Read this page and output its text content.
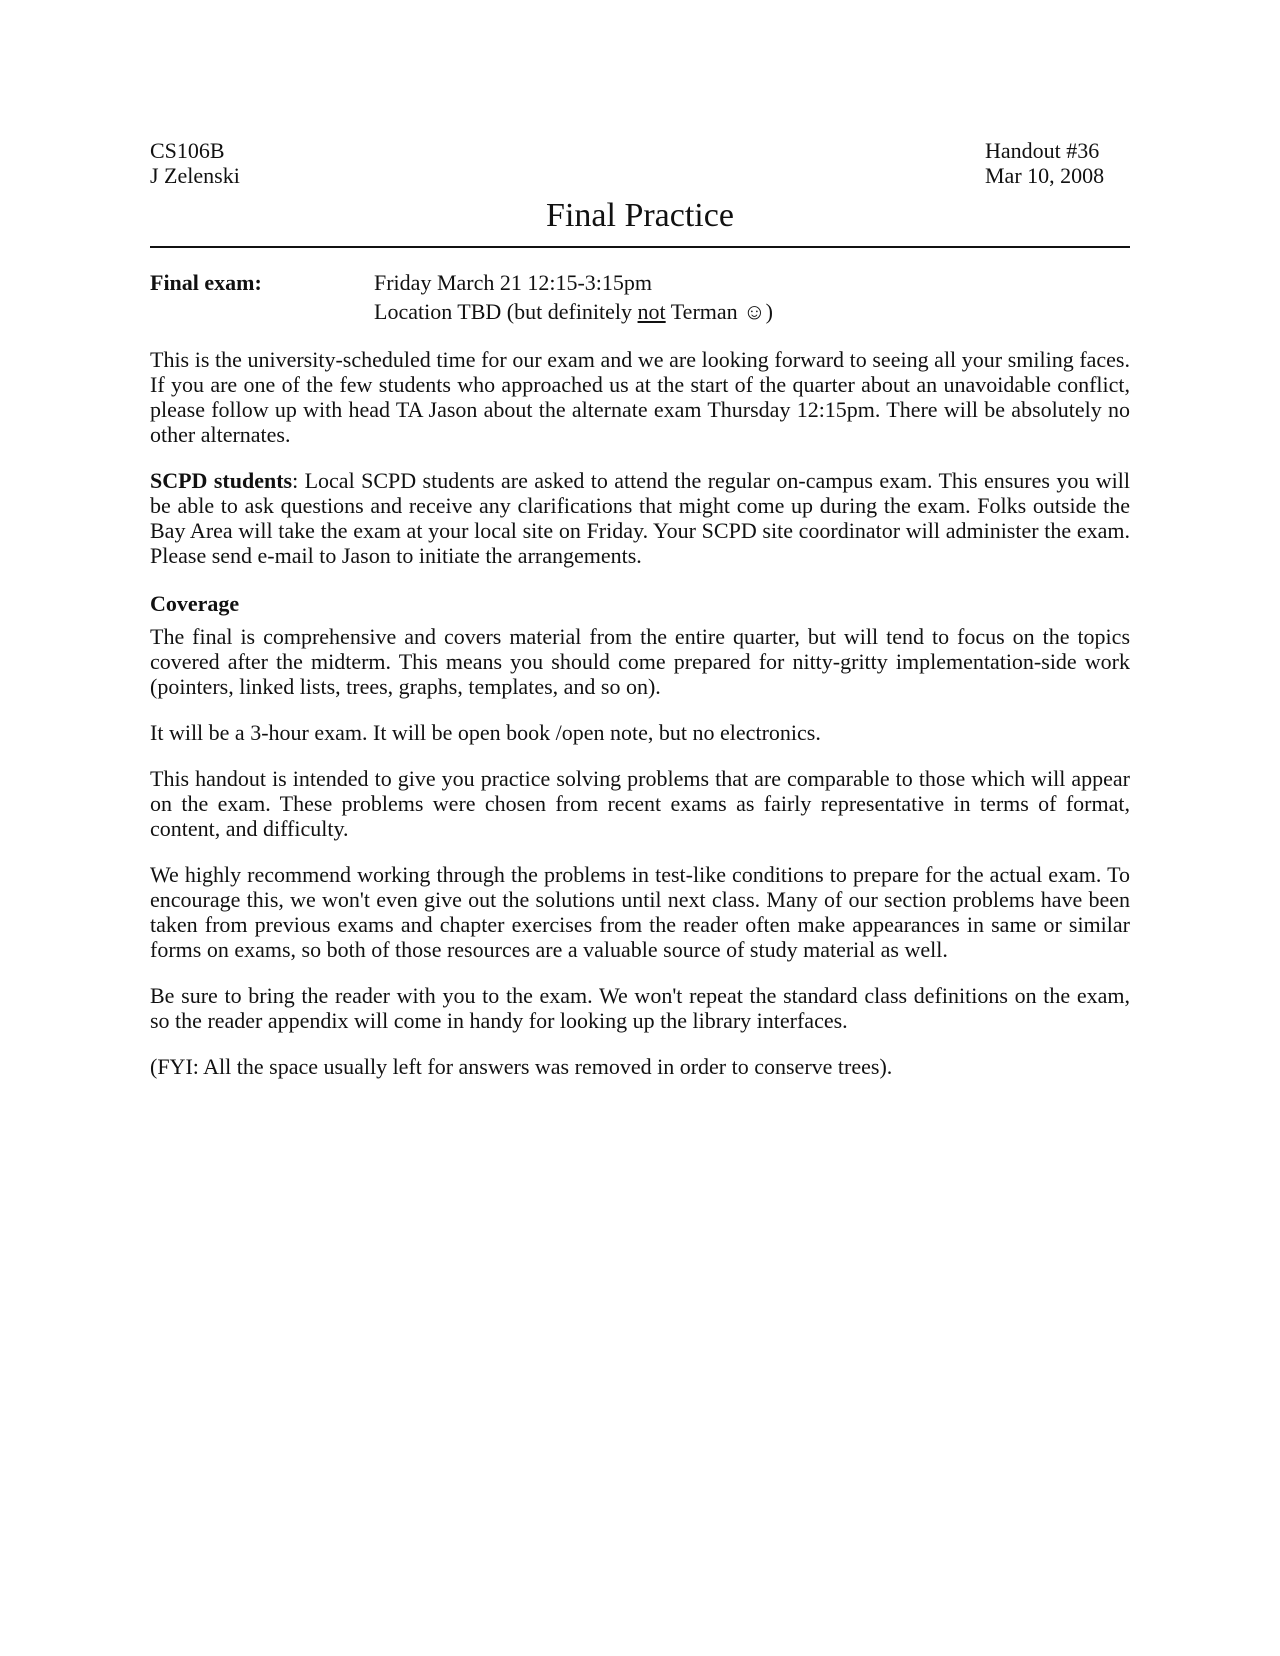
CS106B
J Zelenski
Handout #36
Mar 10, 2008
Final Practice
Final exam:	Friday March 21 12:15-3:15pm
Location TBD (but definitely not Terman ☺)

This is the university-scheduled time for our exam and we are looking forward to seeing all your smiling faces. If you are one of the few students who approached us at the start of the quarter about an unavoidable conflict, please follow up with head TA Jason about the alternate exam Thursday 12:15pm. There will be absolutely no other alternates.

SCPD students: Local SCPD students are asked to attend the regular on-campus exam. This ensures you will be able to ask questions and receive any clarifications that might come up during the exam. Folks outside the Bay Area will take the exam at your local site on Friday. Your SCPD site coordinator will administer the exam. Please send e-mail to Jason to initiate the arrangements.

Coverage

The final is comprehensive and covers material from the entire quarter, but will tend to focus on the topics covered after the midterm. This means you should come prepared for nitty-gritty implementation-side work (pointers, linked lists, trees, graphs, templates, and so on).

It will be a 3-hour exam. It will be open book /open note, but no electronics.

This handout is intended to give you practice solving problems that are comparable to those which will appear on the exam. These problems were chosen from recent exams as fairly representative in terms of format, content, and difficulty.

We highly recommend working through the problems in test-like conditions to prepare for the actual exam. To encourage this, we won't even give out the solutions until next class. Many of our section problems have been taken from previous exams and chapter exercises from the reader often make appearances in same or similar forms on exams, so both of those resources are a valuable source of study material as well.

Be sure to bring the reader with you to the exam. We won't repeat the standard class definitions on the exam, so the reader appendix will come in handy for looking up the library interfaces.

(FYI: All the space usually left for answers was removed in order to conserve trees).
